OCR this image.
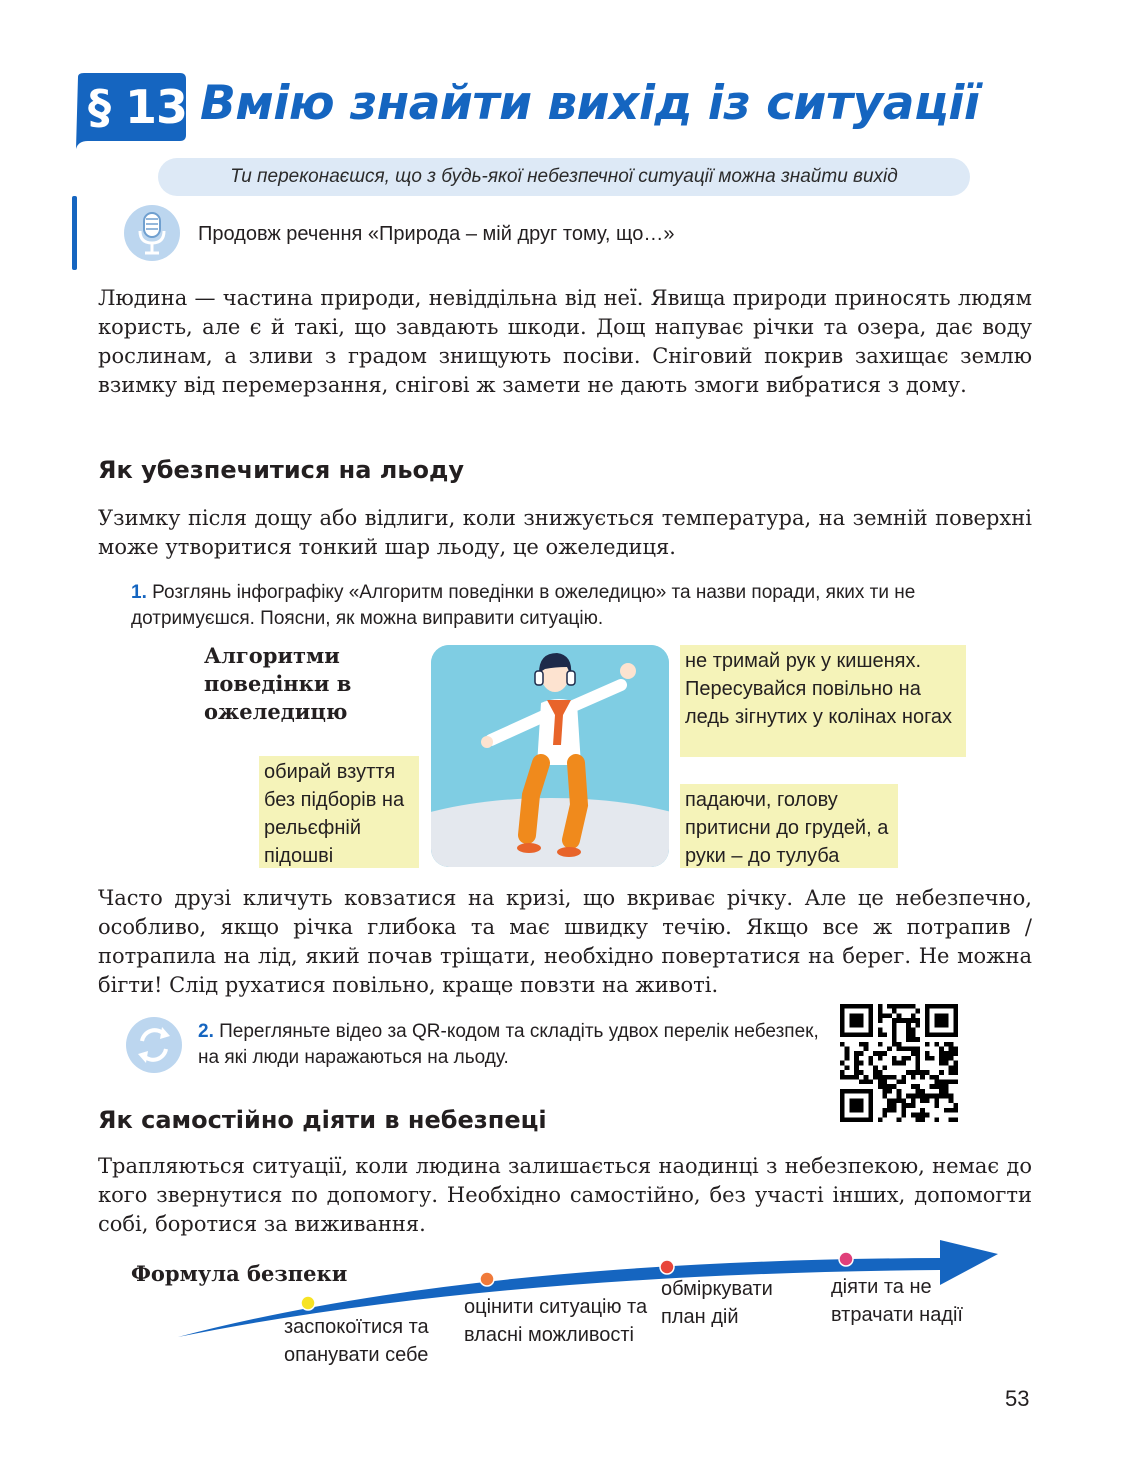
§ 13 Вмію знайти вихід із ситуації
Ти переконаєшся, що з будь-якої небезпечної ситуації можна знайти вихід
Продовж речення «Природа – мій друг тому, що…»
Людина — частина природи, невіддільна від неї. Явища природи приносять людям користь, але є й такі, що завдають шкоди. Дощ напуває річки та озера, дає воду рослинам, а зливи з градом знищують посіви. Сніговий покрив захищає землю взимку від перемерзання, снігові ж замети не дають змоги вибратися з дому.
Як убезпечитися на льоду
Узимку після дощу або відлиги, коли знижується температура, на земній поверхні може утворитися тонкий шар льоду, це ожеледиця.
1. Розглянь інфографіку «Алгоритм поведінки в ожеледицю» та назви поради, яких ти не дотримуєшся. Поясни, як можна виправити ситуацію.
Алгоритми поведінки в ожеледицю
не тримай рук у кишенях. Пересувайся повільно на ледь зігнутих у колінах ногах
обирай взуття без підборів на рельєфній підошві
падаючи, голову притисни до грудей, а руки – до тулуба
Часто друзі кличуть ковзатися на кризі, що вкриває річку. Але це небезпечно, особливо, якщо річка глибока та має швидку течію. Якщо все ж потрапив / потрапила на лід, який почав тріщати, необхідно повертатися на берег. Не можна бігти! Слід рухатися повільно, краще повзти на животі.
2. Перегляньте відео за QR-кодом та складіть удвох перелік небезпек, на які люди наражаються на льоду.
Як самостійно діяти в небезпеці
Трапляються ситуації, коли людина залишається наодинці з небезпекою, немає до кого звернутися по допомогу. Необхідно самостійно, без участі інших, допомогти собі, боротися за виживання.
Формула безпеки
заспокоїтися та опанувати себе
оцінити ситуацію та власні можливості
обміркувати план дій
діяти та не втрачати надії
53
